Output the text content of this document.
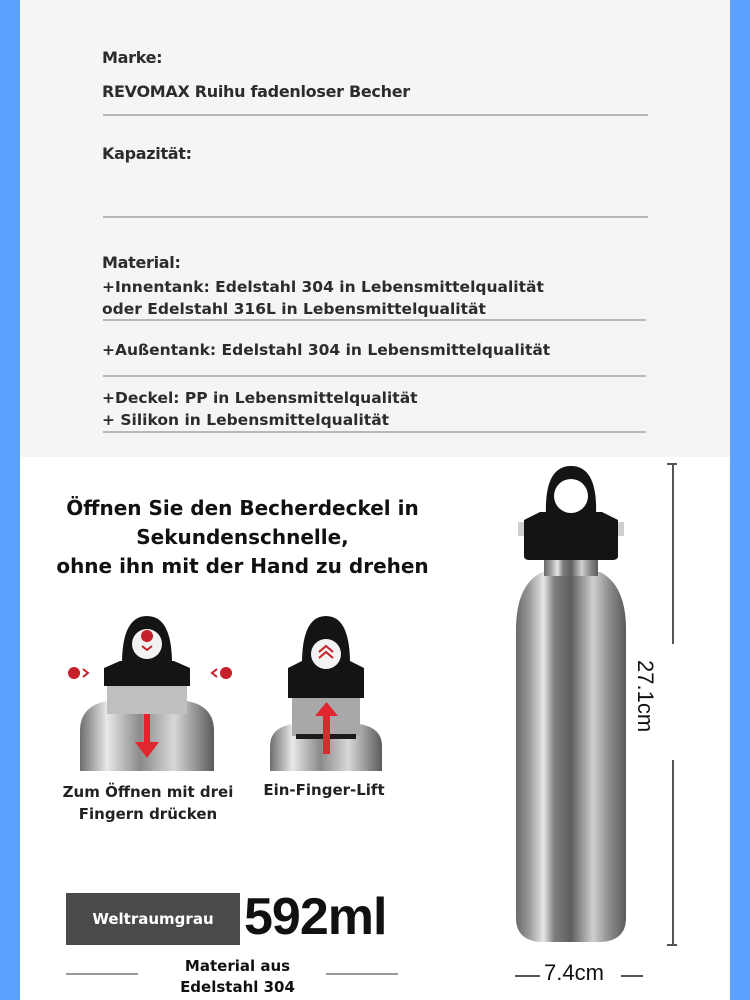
Marke:
REVOMAX Ruihu fadenloser Becher
Kapazität:
Material:
+Innentank: Edelstahl 304 in Lebensmittelqualität
oder Edelstahl 316L in Lebensmittelqualität
+Außentank: Edelstahl 304 in Lebensmittelqualität
+Deckel: PP in Lebensmittelqualität
+ Silikon in Lebensmittelqualität
Öffnen Sie den Becherdeckel in
Sekundenschnelle,
ohne ihn mit der Hand zu drehen
Zum Öffnen mit drei
Fingern drücken
Ein-Finger-Lift
Weltraumgrau 592ml
Material aus
Edelstahl 304
27.1cm
7.4cm
